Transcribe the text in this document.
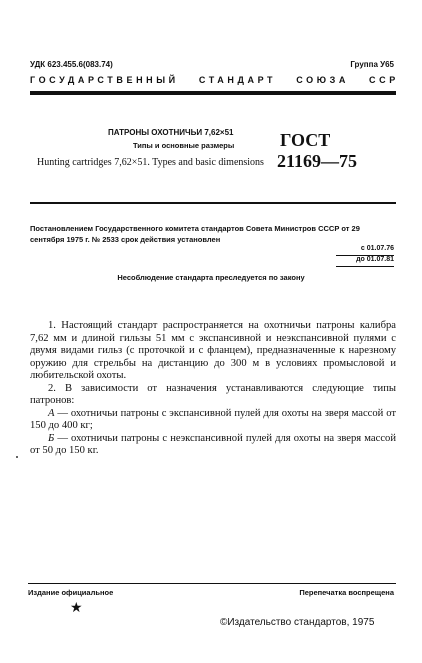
УДК 623.455.6(083.74)	Группа У65
ГОСУДАРСТВЕННЫЙ СТАНДАРТ СОЮЗА ССР
ПАТРОНЫ ОХОТНИЧЬИ 7,62×51
Типы и основные размеры
Hunting cartridges 7,62×51. Types and basic dimensions
ГОСТ
21169—75
Постановлением Государственного комитета стандартов Совета Министров СССР от 29 сентября 1975 г. № 2533 срок действия установлен
с 01.07.76
до 01.07.81
Несоблюдение стандарта преследуется по закону

1. Настоящий стандарт распространяется на охотничьи патроны калибра 7,62 мм и длиной гильзы 51 мм с экспансивной и неэкспансивной пулями с двумя видами гильз (с проточкой и с фланцем), предназначенные к нарезному оружию для стрельбы на дистанцию до 300 м в условиях промысловой и любительской охоты.

2. В зависимости от назначения устанавливаются следующие типы патронов:

А — охотничьи патроны с экспансивной пулей для охоты на зверя массой от 150 до 400 кг;

Б — охотничьи патроны с неэкспансивной пулей для охоты на зверя массой от 50 до 150 кг.

Издание официальное	Перепечатка воспрещена
★
©Издательство стандартов, 1975
